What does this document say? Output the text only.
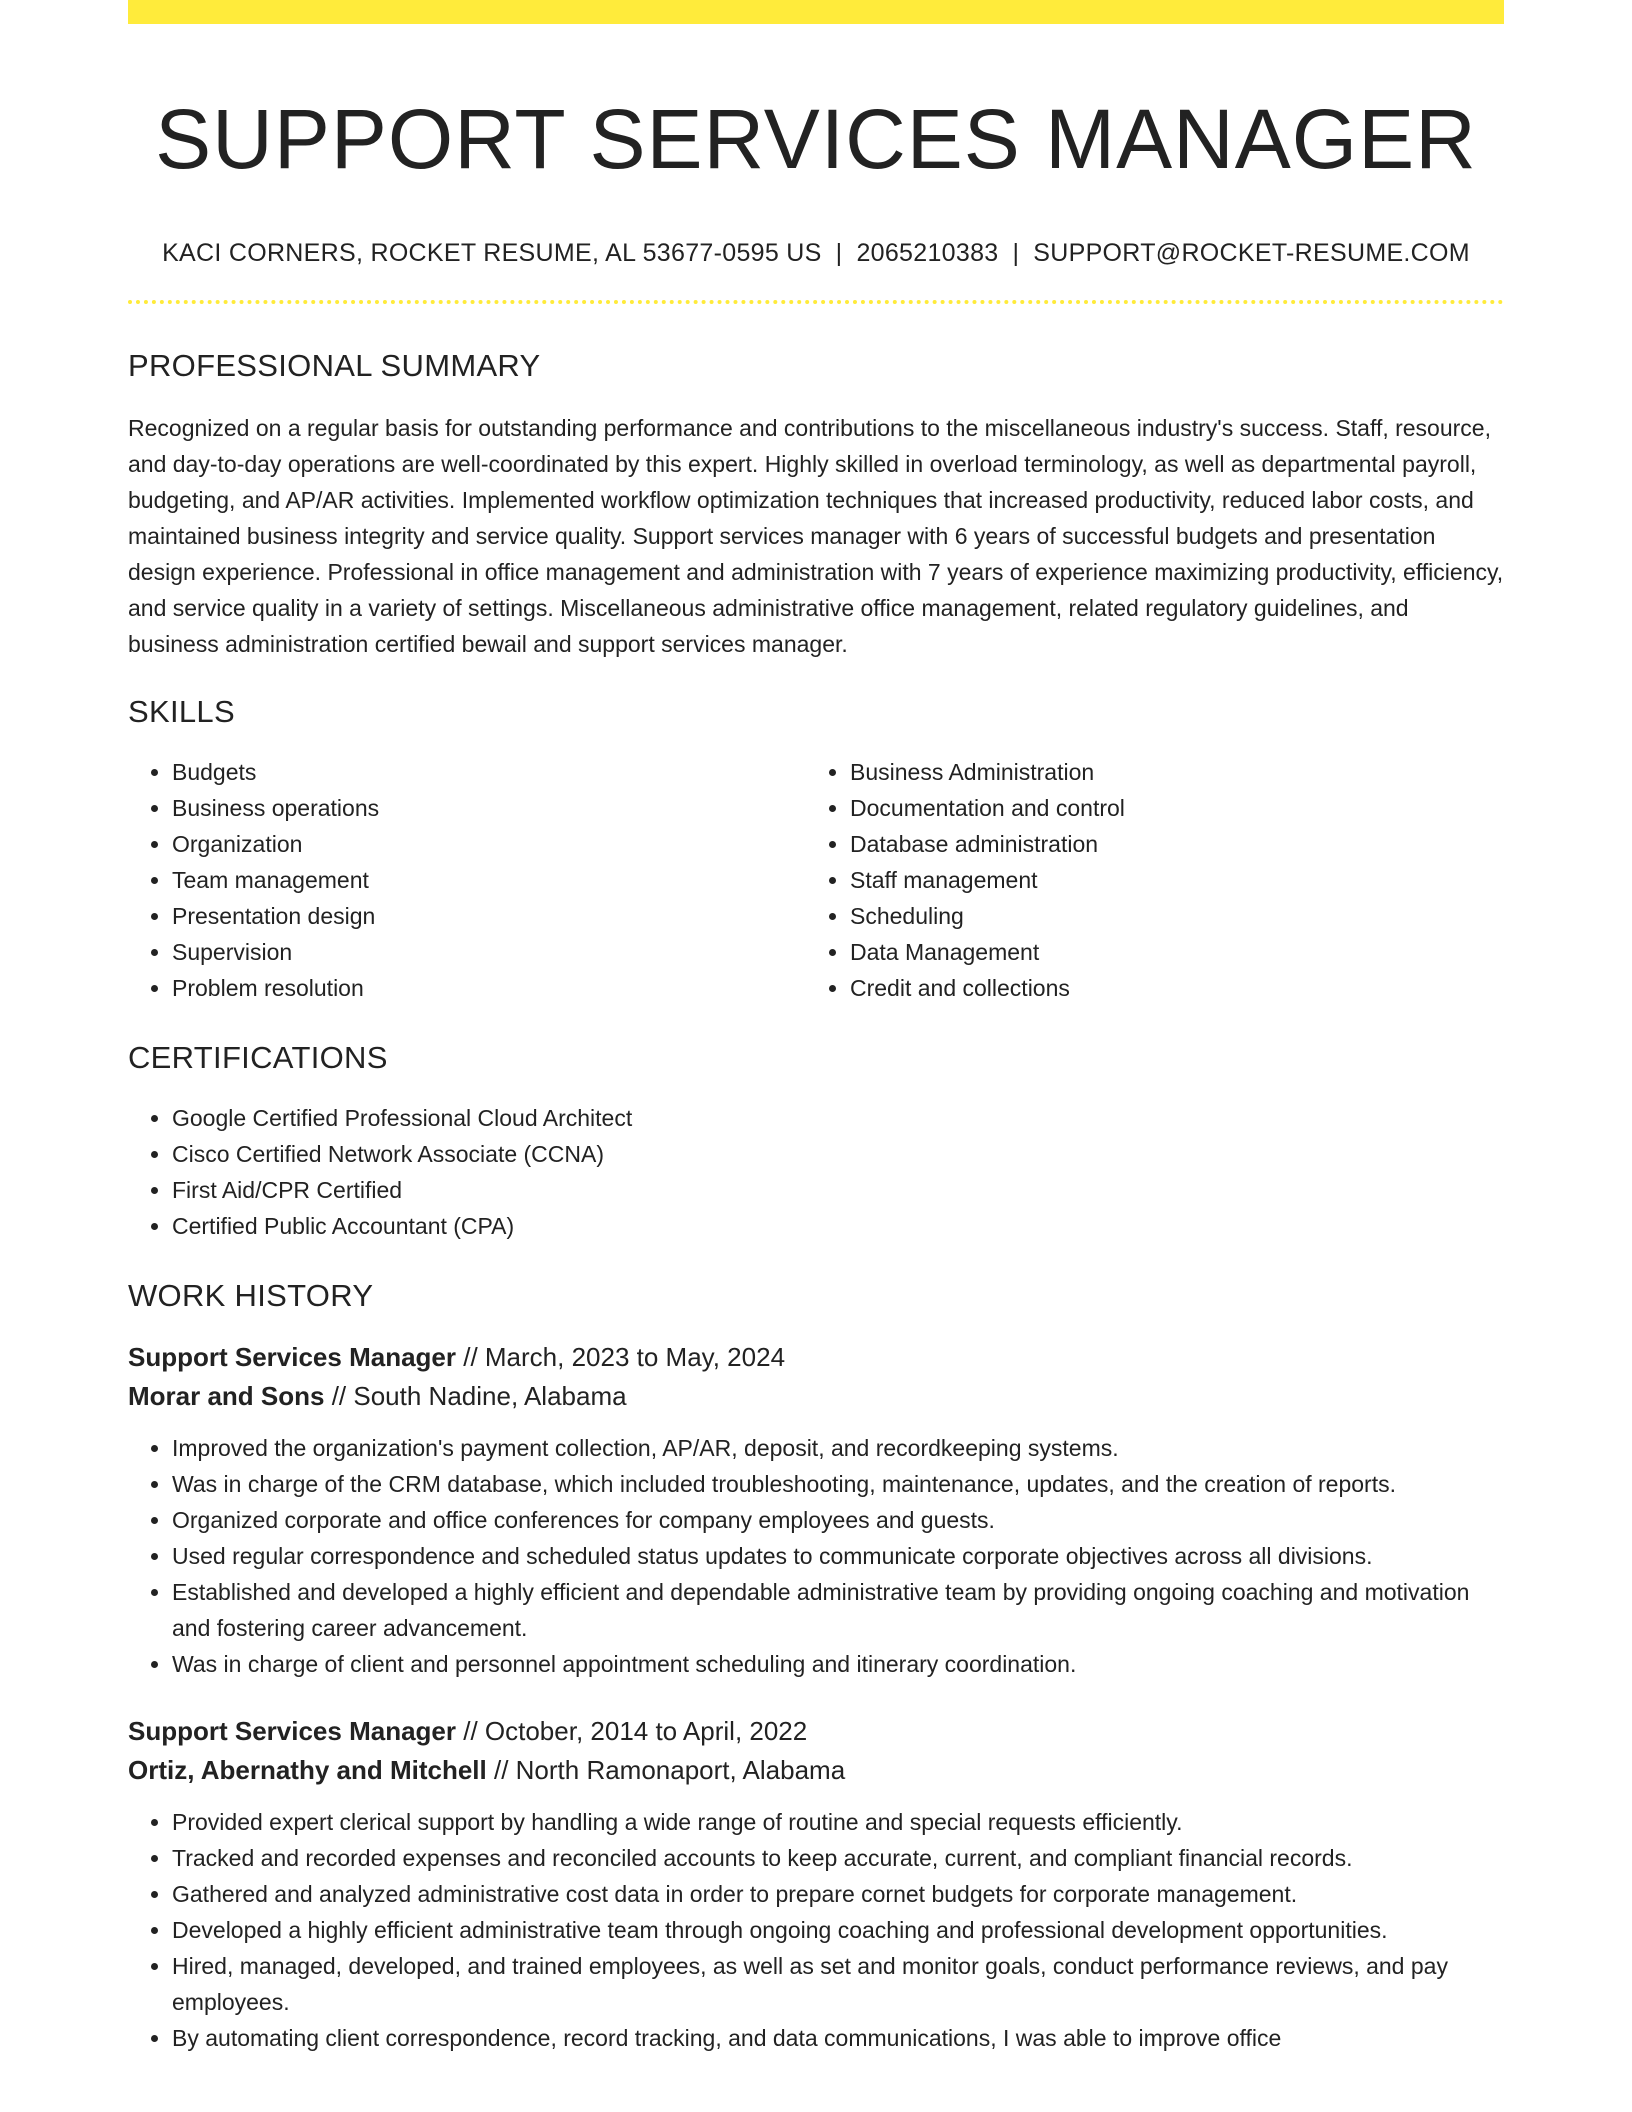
SUPPORT SERVICES MANAGER
KACI CORNERS, ROCKET RESUME, AL 53677-0595 US | 2065210383 | SUPPORT@ROCKET-RESUME.COM
PROFESSIONAL SUMMARY
Recognized on a regular basis for outstanding performance and contributions to the miscellaneous industry's success. Staff, resource, and day-to-day operations are well-coordinated by this expert. Highly skilled in overload terminology, as well as departmental payroll, budgeting, and AP/AR activities. Implemented workflow optimization techniques that increased productivity, reduced labor costs, and maintained business integrity and service quality. Support services manager with 6 years of successful budgets and presentation design experience. Professional in office management and administration with 7 years of experience maximizing productivity, efficiency, and service quality in a variety of settings. Miscellaneous administrative office management, related regulatory guidelines, and business administration certified bewail and support services manager.
SKILLS
• Budgets
• Business operations
• Organization
• Team management
• Presentation design
• Supervision
• Problem resolution
• Business Administration
• Documentation and control
• Database administration
• Staff management
• Scheduling
• Data Management
• Credit and collections
CERTIFICATIONS
• Google Certified Professional Cloud Architect
• Cisco Certified Network Associate (CCNA)
• First Aid/CPR Certified
• Certified Public Accountant (CPA)
WORK HISTORY
Support Services Manager // March, 2023 to May, 2024
Morar and Sons // South Nadine, Alabama
• Improved the organization's payment collection, AP/AR, deposit, and recordkeeping systems.
• Was in charge of the CRM database, which included troubleshooting, maintenance, updates, and the creation of reports.
• Organized corporate and office conferences for company employees and guests.
• Used regular correspondence and scheduled status updates to communicate corporate objectives across all divisions.
• Established and developed a highly efficient and dependable administrative team by providing ongoing coaching and motivation and fostering career advancement.
• Was in charge of client and personnel appointment scheduling and itinerary coordination.
Support Services Manager // October, 2014 to April, 2022
Ortiz, Abernathy and Mitchell // North Ramonaport, Alabama
• Provided expert clerical support by handling a wide range of routine and special requests efficiently.
• Tracked and recorded expenses and reconciled accounts to keep accurate, current, and compliant financial records.
• Gathered and analyzed administrative cost data in order to prepare cornet budgets for corporate management.
• Developed a highly efficient administrative team through ongoing coaching and professional development opportunities.
• Hired, managed, developed, and trained employees, as well as set and monitor goals, conduct performance reviews, and pay employees.
• By automating client correspondence, record tracking, and data communications, I was able to improve office
